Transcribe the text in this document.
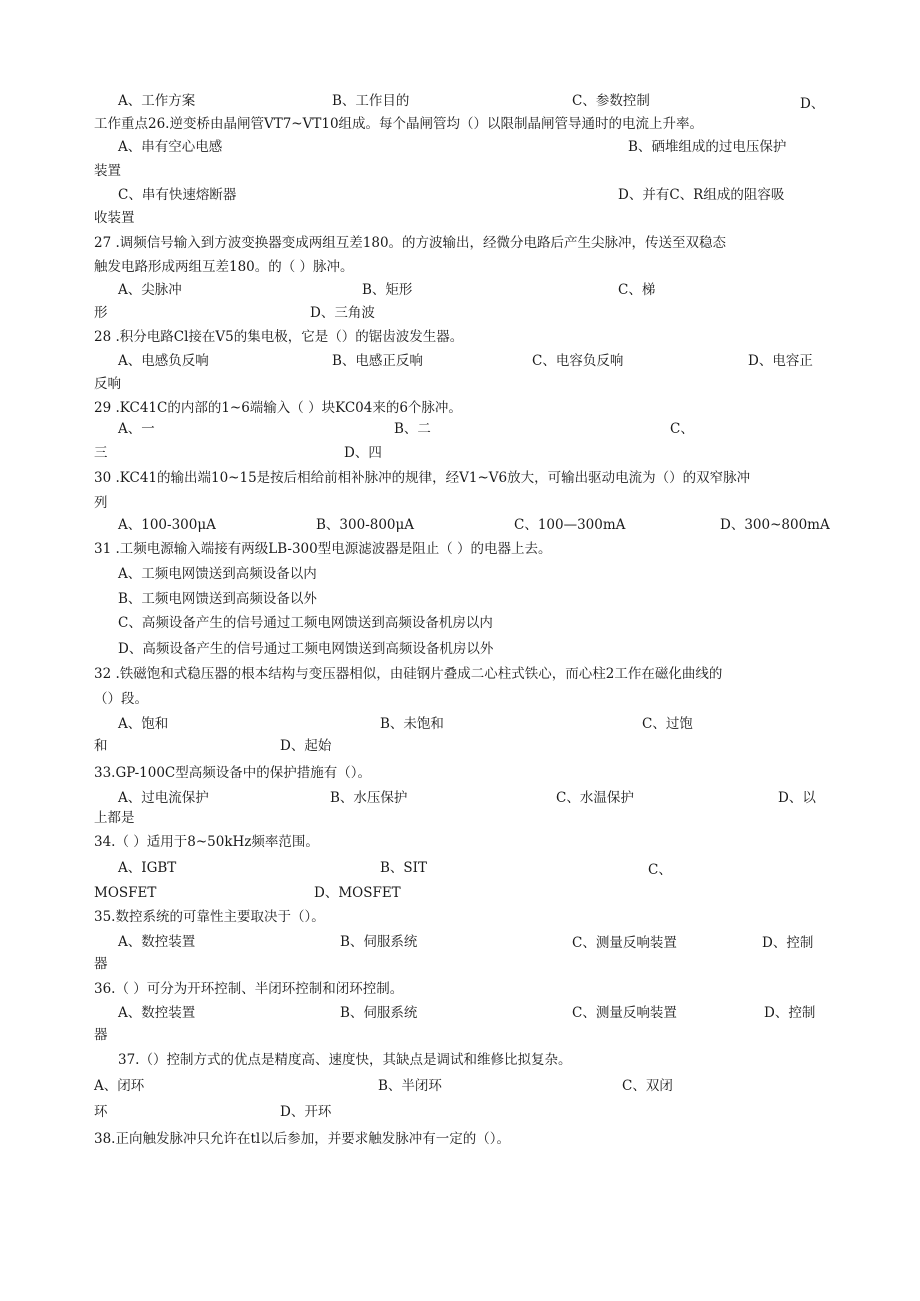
A、工作方案	B、工作目的	C、参数控制	D、
工作重点26.逆变桥由晶闸管VT7~VT10组成。每个晶闸管均（）以限制晶闸管导通时的电流上升率。
A、串有空心电感	B、硒堆组成的过电压保护
装置
C、串有快速熔断器	D、并有C、R组成的阻容吸
收装置
27 .调频信号输入到方波变换器变成两组互差180。的方波输出，经微分电路后产生尖脉冲，传送至双稳态
触发电路形成两组互差180。的（ ）脉冲。
A、尖脉冲	B、矩形	C、梯
形	D、三角波
28 .积分电路Cl接在V5的集电极，它是（）的锯齿波发生器。
A、电感负反响	B、电感正反响	C、电容负反响	D、电容正
反响
29 .KC41C的内部的1~6端输入（ ）块KC04来的6个脉冲。
A、一	B、二	C、
三	D、四
30 .KC41的输出端10~15是按后相给前相补脉冲的规律，经V1~V6放大，可输出驱动电流为（）的双窄脉冲
列
A、100-300μA	B、300-800μA	C、100—300mA	D、300~800mA
31 .工频电源输入端接有两级LB-300型电源滤波器是阻止（ ）的电器上去。
A、工频电网馈送到高频设备以内
B、工频电网馈送到高频设备以外
C、高频设备产生的信号通过工频电网馈送到高频设备机房以内
D、高频设备产生的信号通过工频电网馈送到高频设备机房以外
32 .铁磁饱和式稳压器的根本结构与变压器相似，由硅钢片叠成二心柱式铁心，而心柱2工作在磁化曲线的
（）段。
A、饱和	B、未饱和	C、过饱
和	D、起始
33.GP-100C型高频设备中的保护措施有（）。
A、过电流保护	B、水压保护	C、水温保护	D、以
上都是
34.（ ）适用于8~50kHz频率范围。
A、IGBT	B、SIT	C、
MOSFET	D、MOSFET
35.数控系统的可靠性主要取决于（）。
A、数控装置	B、伺服系统	C、测量反响装置	D、控制
器
36.（ ）可分为开环控制、半闭环控制和闭环控制。
A、数控装置	B、伺服系统	C、测量反响装置	D、控制
器
37.（）控制方式的优点是精度高、速度快，其缺点是调试和维修比拟复杂。
A、闭环	B、半闭环	C、双闭
环	D、开环
38.正向触发脉冲只允许在tl以后参加，并要求触发脉冲有一定的（）。
